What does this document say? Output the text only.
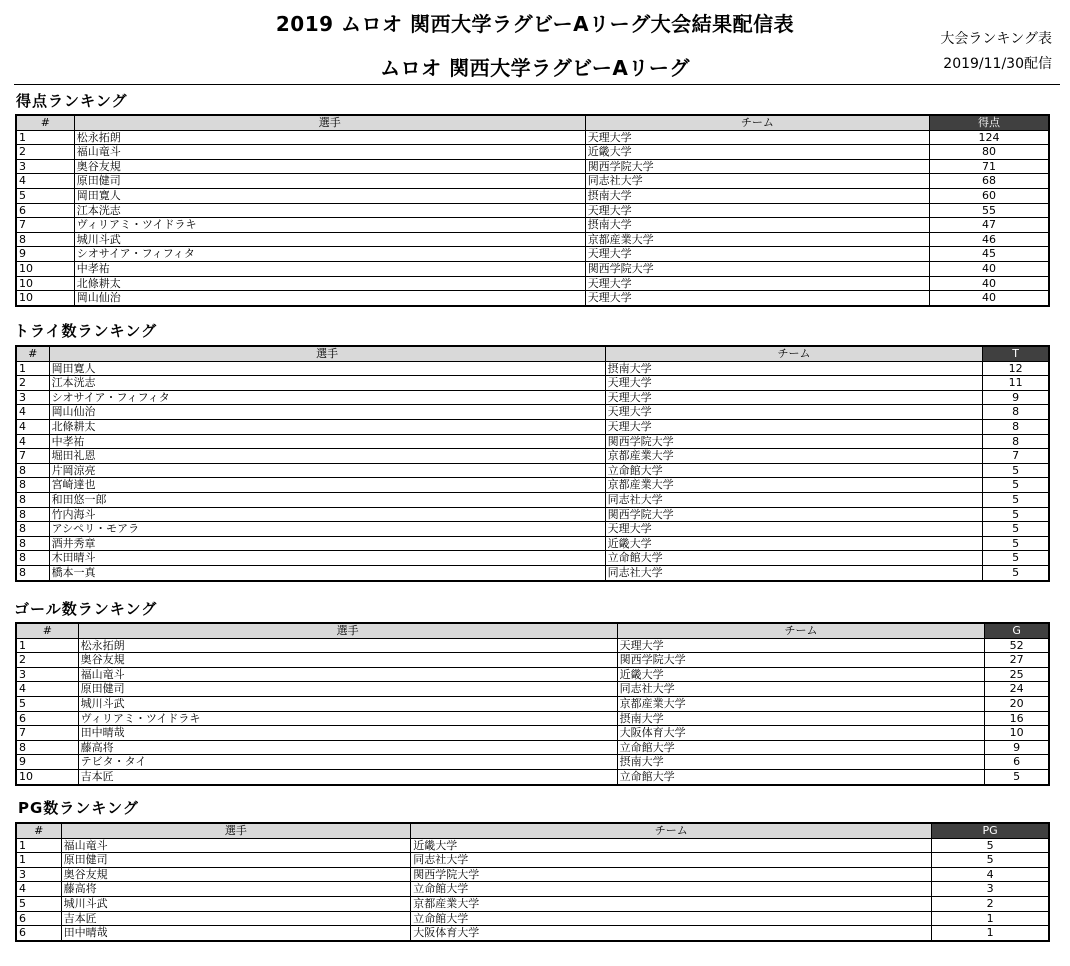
2019 ムロオ 関西大学ラグビーAリーグ大会結果配信表
ムロオ 関西大学ラグビーAリーグ
大会ランキング表
2019/11/30配信
得点ランキング
#	選手	チーム	得点
1	松永拓朗	天理大学	124
2	福山竜斗	近畿大学	80
3	奥谷友規	関西学院大学	71
4	原田健司	同志社大学	68
5	岡田寛人	摂南大学	60
6	江本洸志	天理大学	55
7	ヴィリアミ・ツイドラキ	摂南大学	47
8	城川斗武	京都産業大学	46
9	シオサイア・フィフィタ	天理大学	45
10	中孝祐	関西学院大学	40
10	北條耕太	天理大学	40
10	岡山仙治	天理大学	40
トライ数ランキング
#	選手	チーム	T
1	岡田寛人	摂南大学	12
2	江本洸志	天理大学	11
3	シオサイア・フィフィタ	天理大学	9
4	岡山仙治	天理大学	8
4	北條耕太	天理大学	8
4	中孝祐	関西学院大学	8
7	堀田礼恩	京都産業大学	7
8	片岡涼亮	立命館大学	5
8	宮崎達也	京都産業大学	5
8	和田悠一郎	同志社大学	5
8	竹内海斗	関西学院大学	5
8	アシペリ・モアラ	天理大学	5
8	酒井秀章	近畿大学	5
8	木田晴斗	立命館大学	5
8	橋本一真	同志社大学	5
ゴール数ランキング
#	選手	チーム	G
1	松永拓朗	天理大学	52
2	奥谷友規	関西学院大学	27
3	福山竜斗	近畿大学	25
4	原田健司	同志社大学	24
5	城川斗武	京都産業大学	20
6	ヴィリアミ・ツイドラキ	摂南大学	16
7	田中晴哉	大阪体育大学	10
8	藤高将	立命館大学	9
9	テビタ・タイ	摂南大学	6
10	吉本匠	立命館大学	5
PG数ランキング
#	選手	チーム	PG
1	福山竜斗	近畿大学	5
1	原田健司	同志社大学	5
3	奥谷友規	関西学院大学	4
4	藤高将	立命館大学	3
5	城川斗武	京都産業大学	2
6	吉本匠	立命館大学	1
6	田中晴哉	大阪体育大学	1
